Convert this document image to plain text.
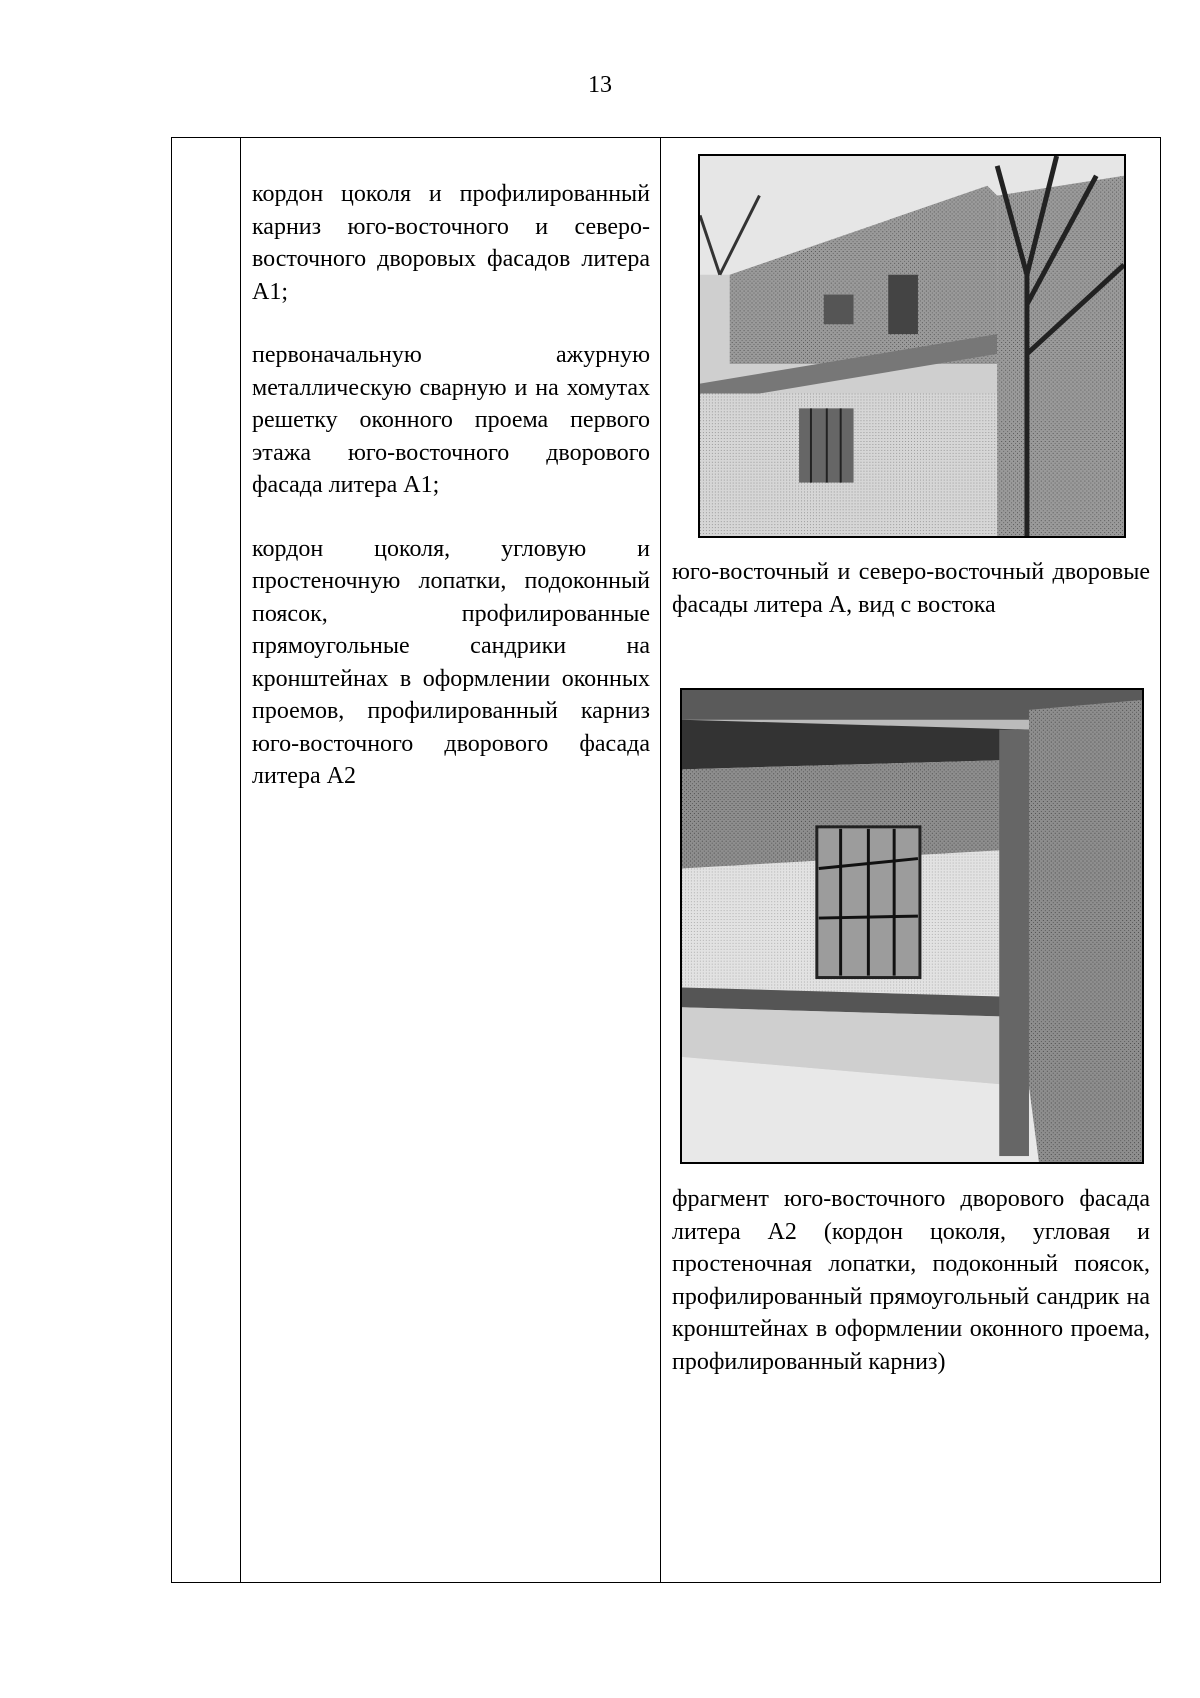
13

кордон цоколя и профилированный карниз юго-восточного и северо-восточного дворовых фасадов литера А1;

первоначальную ажурную металлическую сварную и на хомутах решетку оконного проема первого этажа юго-восточного дворового фасада литера А1;

кордон цоколя, угловую и простеночную лопатки, подоконный поясок, профилированные прямоугольные сандрики на кронштейнах в оформлении оконных проемов, профилированный карниз юго-восточного дворового фасада литера А2

юго-восточный и северо-восточный дворовые фасады литера А, вид с востока
фрагмент юго-восточного дворового фасада литера А2 (кордон цоколя, угловая и простеночная лопатки, подоконный поясок, профилированный прямоугольный сандрик на кронштейнах в оформлении оконного проема, профилированный карниз)
